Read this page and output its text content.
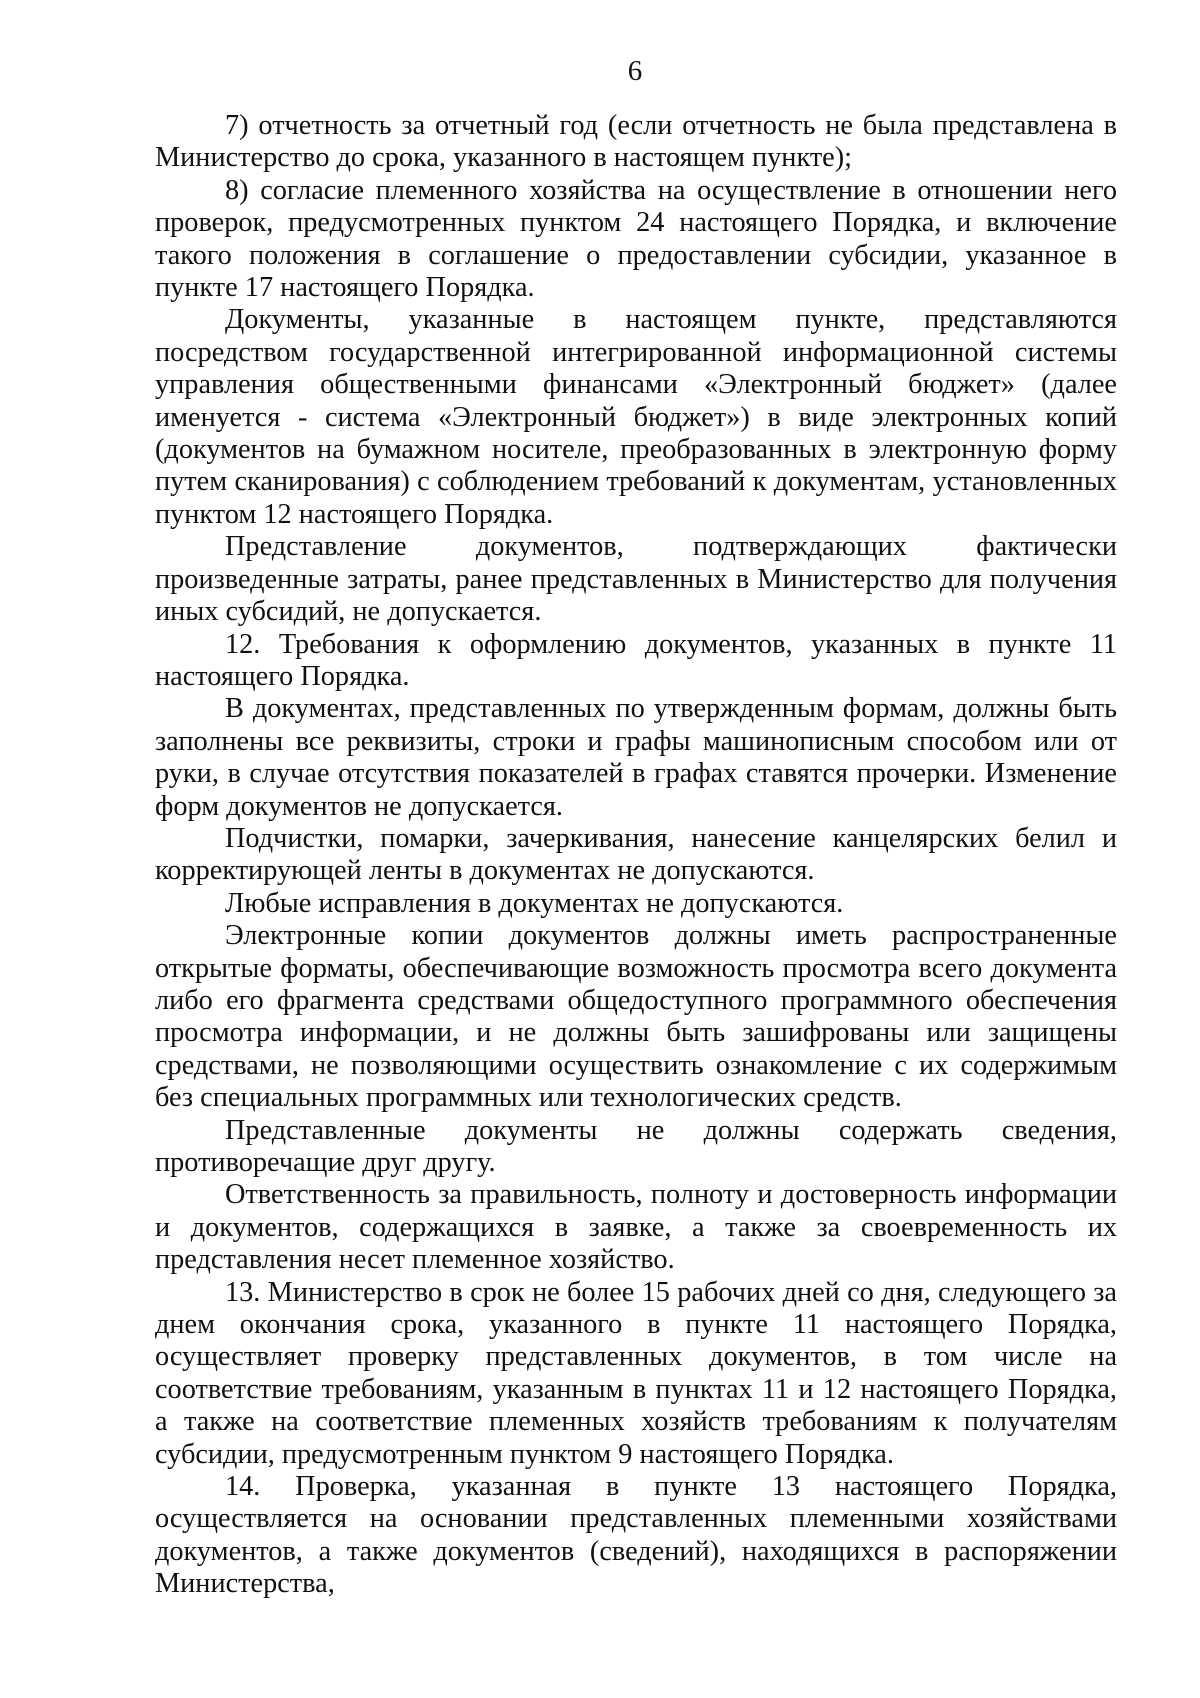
6

7) отчетность за отчетный год (если отчетность не была представлена в Министерство до срока, указанного в настоящем пункте);

8) согласие племенного хозяйства на осуществление в отношении него проверок, предусмотренных пунктом 24 настоящего Порядка, и включение такого положения в соглашение о предоставлении субсидии, указанное в пункте 17 настоящего Порядка.

Документы, указанные в настоящем пункте, представляются посредством государственной интегрированной информационной системы управления общественными финансами «Электронный бюджет» (далее именуется - система «Электронный бюджет») в виде электронных копий (документов на бумажном носителе, преобразованных в электронную форму путем сканирования) с соблюдением требований к документам, установленных пунктом 12 настоящего Порядка.

Представление документов, подтверждающих фактически произведенные затраты, ранее представленных в Министерство для получения иных субсидий, не допускается.

12. Требования к оформлению документов, указанных в пункте 11 настоящего Порядка.

В документах, представленных по утвержденным формам, должны быть заполнены все реквизиты, строки и графы машинописным способом или от руки, в случае отсутствия показателей в графах ставятся прочерки. Изменение форм документов не допускается.

Подчистки, помарки, зачеркивания, нанесение канцелярских белил и корректирующей ленты в документах не допускаются.

Любые исправления в документах не допускаются.

Электронные копии документов должны иметь распространенные открытые форматы, обеспечивающие возможность просмотра всего документа либо его фрагмента средствами общедоступного программного обеспечения просмотра информации, и не должны быть зашифрованы или защищены средствами, не позволяющими осуществить ознакомление с их содержимым без специальных программных или технологических средств.

Представленные документы не должны содержать сведения, противоречащие друг другу.

Ответственность за правильность, полноту и достоверность информации и документов, содержащихся в заявке, а также за своевременность их представления несет племенное хозяйство.

13. Министерство в срок не более 15 рабочих дней со дня, следующего за днем окончания срока, указанного в пункте 11 настоящего Порядка, осуществляет проверку представленных документов, в том числе на соответствие требованиям, указанным в пунктах 11 и 12 настоящего Порядка, а также на соответствие племенных хозяйств требованиям к получателям субсидии, предусмотренным пунктом 9 настоящего Порядка.

14. Проверка, указанная в пункте 13 настоящего Порядка, осуществляется на основании представленных племенными хозяйствами документов, а также документов (сведений), находящихся в распоряжении Министерства,
